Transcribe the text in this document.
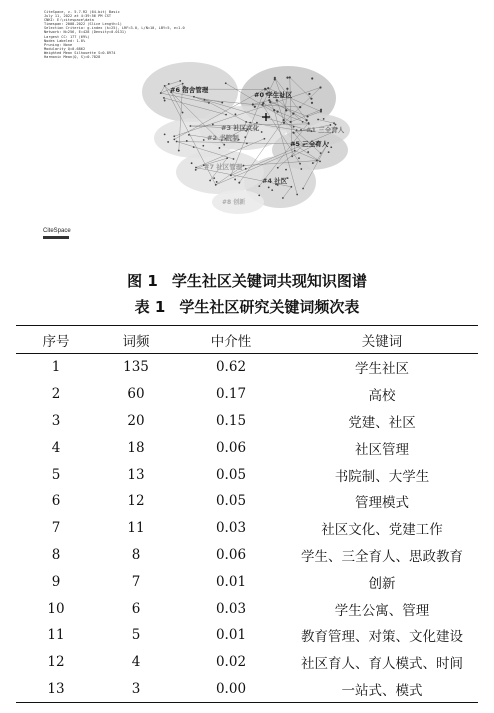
CiteSpace, v. 5.7.R2 (64-bit) Basic
July 11, 2022 at 4:39:56 PM CST
CNKI: E:\citespace\data
Timespan: 2008-2022 (Slice Length=1)
Selection Criteria: g-index (k=25), LRF=3.0, L/N=10, LBY=5, e=1.0
Network: N=256, E=428 (Density=0.0131)
Largest CC: 177 (69%)
Nodes Labeled: 1.0%
Pruning: None
Modularity Q=0.6862
Weighted Mean Silhouette S=0.8974
Harmonic Mean(Q, S)=0.7828
#6 宿舍管理
#0 学生社区
#3 社区文化
#2 书院制
#1 三全育人
#5 三全育人
#4 社区
#7 社区管理
#8 创新
CiteSpace
图 1 学生社区关键词共现知识图谱
表 1 学生社区研究关键词频次表
序号	词频	中介性	关键词
1	135	0.62	学生社区
2	60	0.17	高校
3	20	0.15	党建、社区
4	18	0.06	社区管理
5	13	0.05	书院制、大学生
6	12	0.05	管理模式
7	11	0.03	社区文化、党建工作
8	8	0.06	学生、三全育人、思政教育
9	7	0.01	创新
10	6	0.03	学生公寓、管理
11	5	0.01	教育管理、对策、文化建设
12	4	0.02	社区育人、育人模式、时间
13	3	0.00	一站式、模式
